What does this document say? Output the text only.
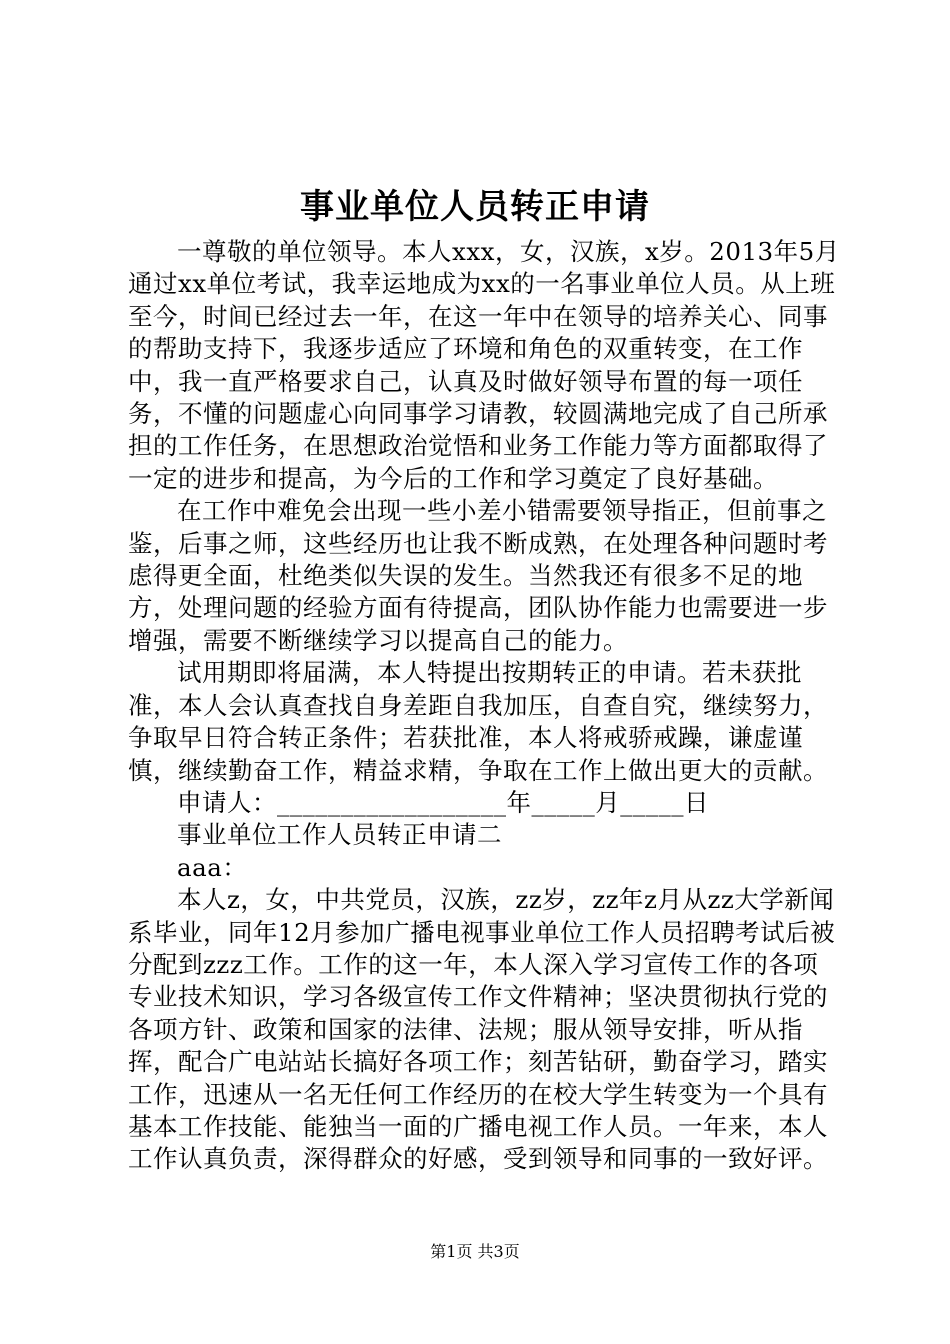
事业单位人员转正申请

一尊敬的单位领导。本人xxx，女，汉族，x岁。2013年5月通过xx单位考试，我幸运地成为xx的一名事业单位人员。从上班至今，时间已经过去一年，在这一年中在领导的培养关心、同事的帮助支持下，我逐步适应了环境和角色的双重转变，在工作中，我一直严格要求自己，认真及时做好领导布置的每一项任务，不懂的问题虚心向同事学习请教，较圆满地完成了自己所承担的工作任务，在思想政治觉悟和业务工作能力等方面都取得了一定的进步和提高，为今后的工作和学习奠定了良好基础。

在工作中难免会出现一些小差小错需要领导指正，但前事之鉴，后事之师，这些经历也让我不断成熟，在处理各种问题时考虑得更全面，杜绝类似失误的发生。当然我还有很多不足的地方，处理问题的经验方面有待提高，团队协作能力也需要进一步增强，需要不断继续学习以提高自己的能力。

试用期即将届满，本人特提出按期转正的申请。若未获批准，本人会认真查找自身差距自我加压，自查自究，继续努力，争取早日符合转正条件；若获批准，本人将戒骄戒躁，谦虚谨慎，继续勤奋工作，精益求精，争取在工作上做出更大的贡献。

申请人：__________________年_____月_____日

事业单位工作人员转正申请二

aaa：

本人z，女，中共党员，汉族，zz岁，zz年z月从zz大学新闻系毕业，同年12月参加广播电视事业单位工作人员招聘考试后被分配到zzz工作。工作的这一年，本人深入学习宣传工作的各项专业技术知识，学习各级宣传工作文件精神；坚决贯彻执行党的各项方针、政策和国家的法律、法规；服从领导安排，听从指挥，配合广电站站长搞好各项工作；刻苦钻研，勤奋学习，踏实工作，迅速从一名无任何工作经历的在校大学生转变为一个具有基本工作技能、能独当一面的广播电视工作人员。一年来，本人工作认真负责，深得群众的好感，受到领导和同事的一致好评。

第1页 共3页
